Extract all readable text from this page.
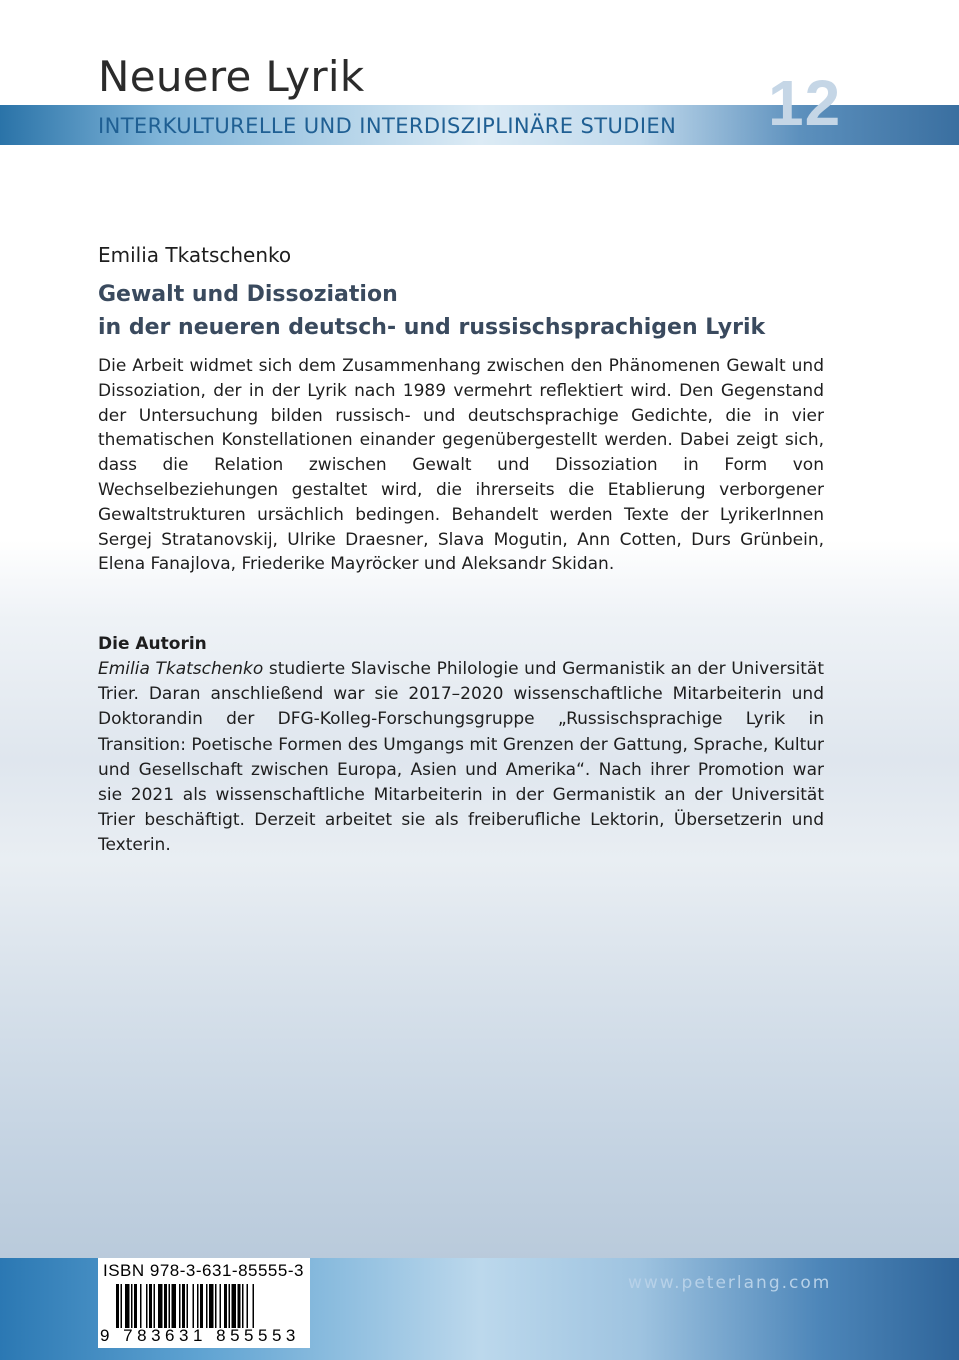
Neuere Lyrik

INTERKULTURELLE UND INTERDISZIPLINÄRE STUDIEN 12

Emilia Tkatschenko

Gewalt und Dissoziation
in der neueren deutsch- und russischsprachigen Lyrik

Die Arbeit widmet sich dem Zusammenhang zwischen den Phänomenen Gewalt und Dissoziation, der in der Lyrik nach 1989 vermehrt reflektiert wird. Den Gegenstand der Untersuchung bilden russisch- und deutschsprachige Gedichte, die in vier thematischen Konstellationen einander gegenübergestellt werden. Dabei zeigt sich, dass die Relation zwischen Gewalt und Dissoziation in Form von Wechselbeziehungen gestaltet wird, die ihrerseits die Etablierung verborgener Gewaltstrukturen ursächlich bedingen. Behandelt werden Texte der LyrikerInnen Sergej Stratanovskij, Ulrike Draesner, Slava Mogutin, Ann Cotten, Durs Grünbein, Elena Fanajlova, Friederike Mayröcker und Aleksandr Skidan.

Die Autorin

Emilia Tkatschenko studierte Slavische Philologie und Germanistik an der Universität Trier. Daran anschließend war sie 2017–2020 wissenschaftliche Mitarbeiterin und Doktorandin der DFG-Kolleg-Forschungsgruppe „Russischsprachige Lyrik in Transition: Poetische Formen des Umgangs mit Grenzen der Gattung, Sprache, Kultur und Gesellschaft zwischen Europa, Asien und Amerika“. Nach ihrer Promotion war sie 2021 als wissenschaftliche Mitarbeiterin in der Germanistik an der Universität Trier beschäftigt. Derzeit arbeitet sie als freiberufliche Lektorin, Übersetzerin und Texterin.

www.peterlang.com

ISBN 978-3-631-85555-3

9 783631 855553
